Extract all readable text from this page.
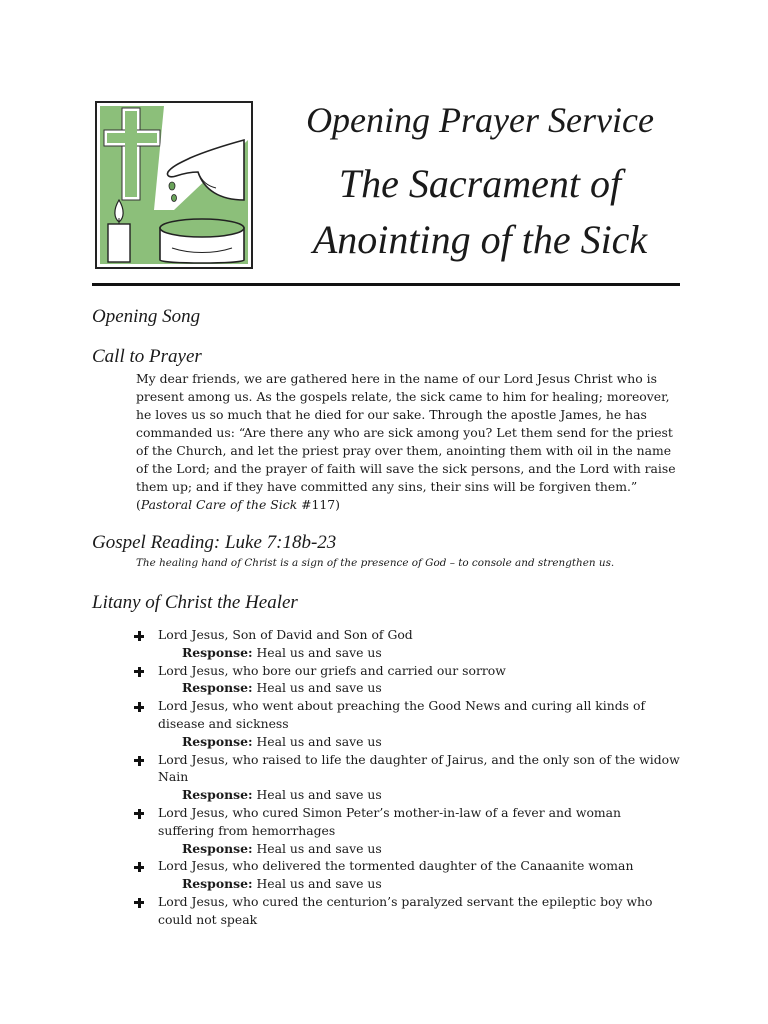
Opening Prayer Service
The Sacrament of
Anointing of the Sick
Opening Song
Call to Prayer

My dear friends, we are gathered here in the name of our Lord Jesus Christ who is present among us. As the gospels relate, the sick came to him for healing; moreover, he loves us so much that he died for our sake. Through the apostle James, he has commanded us: “Are there any who are sick among you? Let them send for the priest of the Church, and let the priest pray over them, anointing them with oil in the name of the Lord; and the prayer of faith will save the sick persons, and the Lord with raise them up; and if they have committed any sins, their sins will be forgiven them.” (Pastoral Care of the Sick #117)

Gospel Reading: Luke 7:18b-23

The healing hand of Christ is a sign of the presence of God – to console and strengthen us.

Litany of Christ the Healer
Lord Jesus, Son of David and Son of God
Response: Heal us and save us
Lord Jesus, who bore our griefs and carried our sorrow
Response: Heal us and save us
Lord Jesus, who went about preaching the Good News and curing all kinds of disease and sickness
Response: Heal us and save us
Lord Jesus, who raised to life the daughter of Jairus, and the only son of the widow Nain
Response: Heal us and save us
Lord Jesus, who cured Simon Peter’s mother-in-law of a fever and woman suffering from hemorrhages
Response: Heal us and save us
Lord Jesus, who delivered the tormented daughter of the Canaanite woman
Response: Heal us and save us
Lord Jesus, who cured the centurion’s paralyzed servant the epileptic boy who could not speak
